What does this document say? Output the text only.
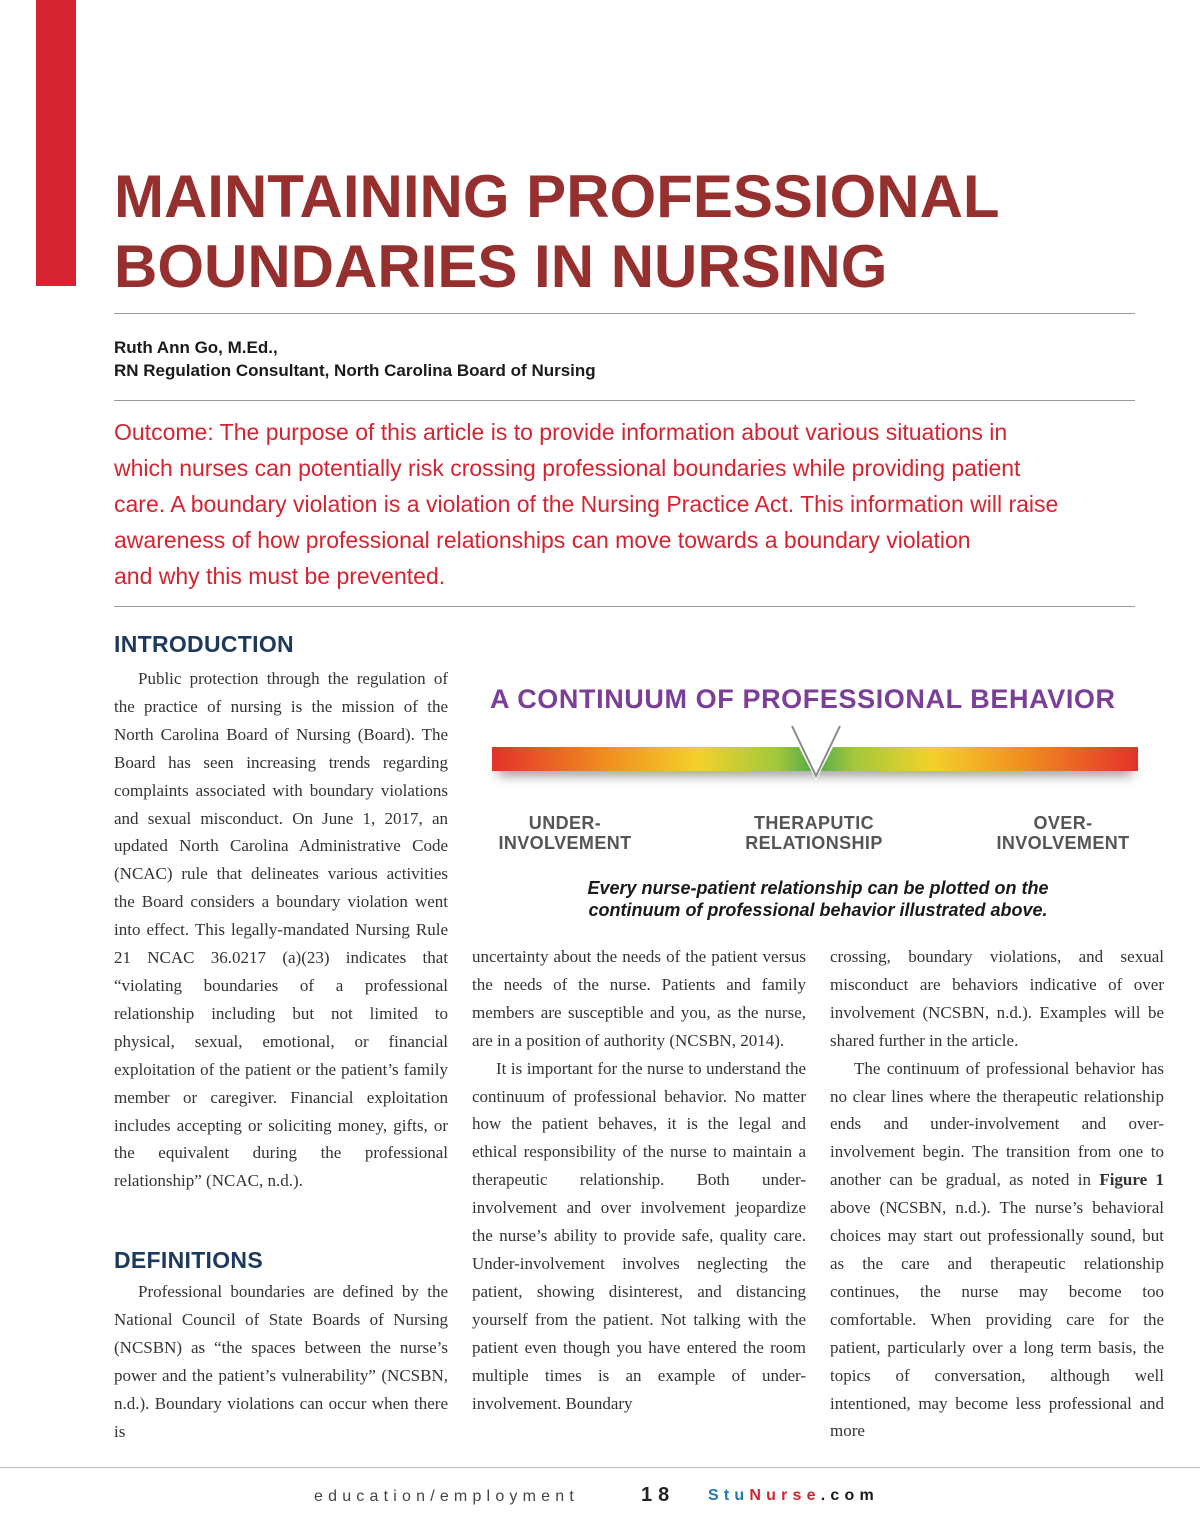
MAINTAINING PROFESSIONAL
BOUNDARIES IN NURSING
Ruth Ann Go, M.Ed.,
RN Regulation Consultant, North Carolina Board of Nursing
Outcome: The purpose of this article is to provide information about various situations in
which nurses can potentially risk crossing professional boundaries while providing patient
care. A boundary violation is a violation of the Nursing Practice Act. This information will raise
awareness of how professional relationships can move towards a boundary violation
and why this must be prevented.
INTRODUCTION

Public protection through the regulation of the practice of nursing is the mission of the North Carolina Board of Nursing (Board). The Board has seen increasing trends regarding complaints associated with boundary violations and sexual misconduct. On June 1, 2017, an updated North Carolina Administrative Code (NCAC) rule that delineates various activities the Board considers a boundary violation went into effect. This legally-mandated Nursing Rule 21 NCAC 36.0217 (a)(23) indicates that “violating boundaries of a professional relationship including but not limited to physical, sexual, emotional, or financial exploitation of the patient or the patient’s family member or caregiver. Financial exploitation includes accepting or soliciting money, gifts, or the equivalent during the professional relationship” (NCAC, n.d.).

DEFINITIONS

Professional boundaries are defined by the National Council of State Boards of Nursing (NCSBN) as “the spaces between the nurse’s power and the patient’s vulnerability” (NCSBN, n.d.). Boundary violations can occur when there is

A CONTINUUM OF PROFESSIONAL BEHAVIOR
UNDER-
INVOLVEMENT
THERAPUTIC
RELATIONSHIP
OVER-
INVOLVEMENT
Every nurse-patient relationship can be plotted on the
continuum of professional behavior illustrated above.

uncertainty about the needs of the patient versus the needs of the nurse. Patients and family members are susceptible and you, as the nurse, are in a position of authority (NCSBN, 2014).

It is important for the nurse to understand the continuum of professional behavior. No matter how the patient behaves, it is the legal and ethical responsibility of the nurse to maintain a therapeutic relationship. Both under-involvement and over involvement jeopardize the nurse’s ability to provide safe, quality care. Under-involvement involves neglecting the patient, showing disinterest, and distancing yourself from the patient. Not talking with the patient even though you have entered the room multiple times is an example of under-involvement. Boundary

crossing, boundary violations, and sexual misconduct are behaviors indicative of over involvement (NCSBN, n.d.). Examples will be shared further in the article.

The continuum of professional behavior has no clear lines where the therapeutic relationship ends and under-involvement and over-involvement begin. The transition from one to another can be gradual, as noted in Figure 1 above (NCSBN, n.d.). The nurse’s behavioral choices may start out professionally sound, but as the care and therapeutic relationship continues, the nurse may become too comfortable. When providing care for the patient, particularly over a long term basis, the topics of conversation, although well intentioned, may become less professional and more

education/employment	18 StuNurse.com
